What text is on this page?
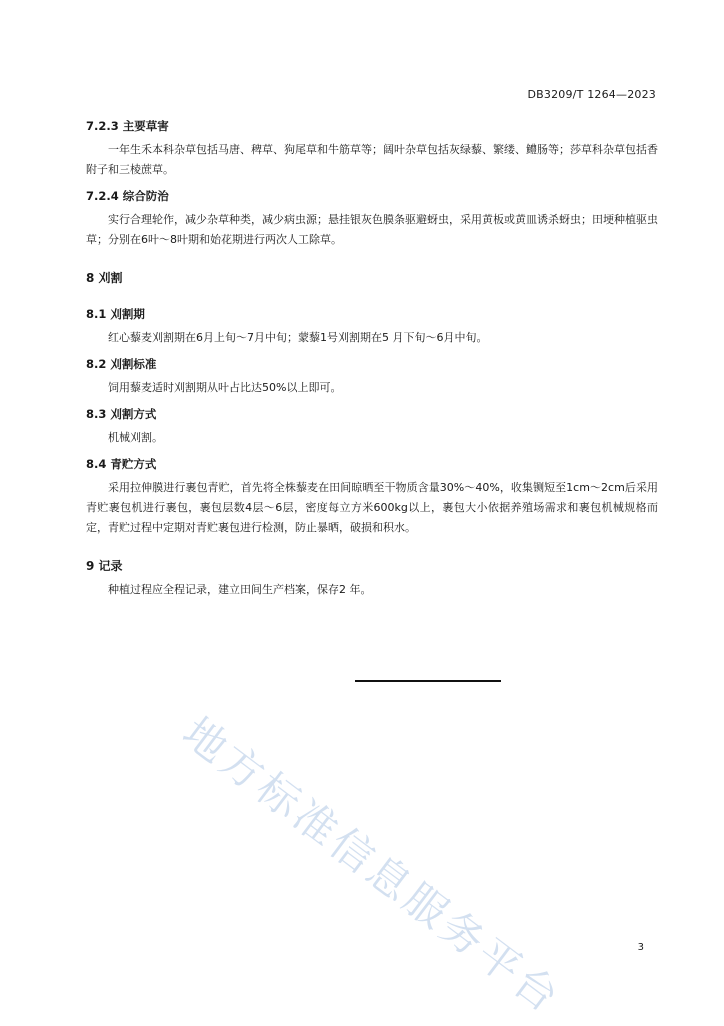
DB3209/T 1264—2023
7.2.3 主要草害
一年生禾本科杂草包括马唐、稗草、狗尾草和牛筋草等；阔叶杂草包括灰绿藜、繁缕、鳢肠等；莎草科杂草包括香附子和三棱蔗草。
7.2.4 综合防治
实行合理轮作，减少杂草种类，减少病虫源；悬挂银灰色膜条驱避蚜虫，采用黄板或黄皿诱杀蚜虫；田埂种植驱虫草；分别在6叶～8叶期和始花期进行两次人工除草。
8 刈割
8.1 刈割期
红心藜麦刈割期在6月上旬～7月中旬；蒙藜1号刈割期在5 月下旬～6月中旬。
8.2 刈割标准
饲用藜麦适时刈割期从叶占比达50%以上即可。
8.3 刈割方式
机械刈割。
8.4 青贮方式
采用拉伸膜进行裹包青贮，首先将全株藜麦在田间晾晒至干物质含量30%～40%，收集铡短至1cm～2cm后采用青贮裹包机进行裹包，裹包层数4层～6层，密度每立方米600kg以上，裹包大小依据养殖场需求和裹包机械规格而定，青贮过程中定期对青贮裹包进行检测，防止暴晒，破损和积水。
9 记录
种植过程应全程记录，建立田间生产档案，保存2 年。
地方标准信息服务平台	3
